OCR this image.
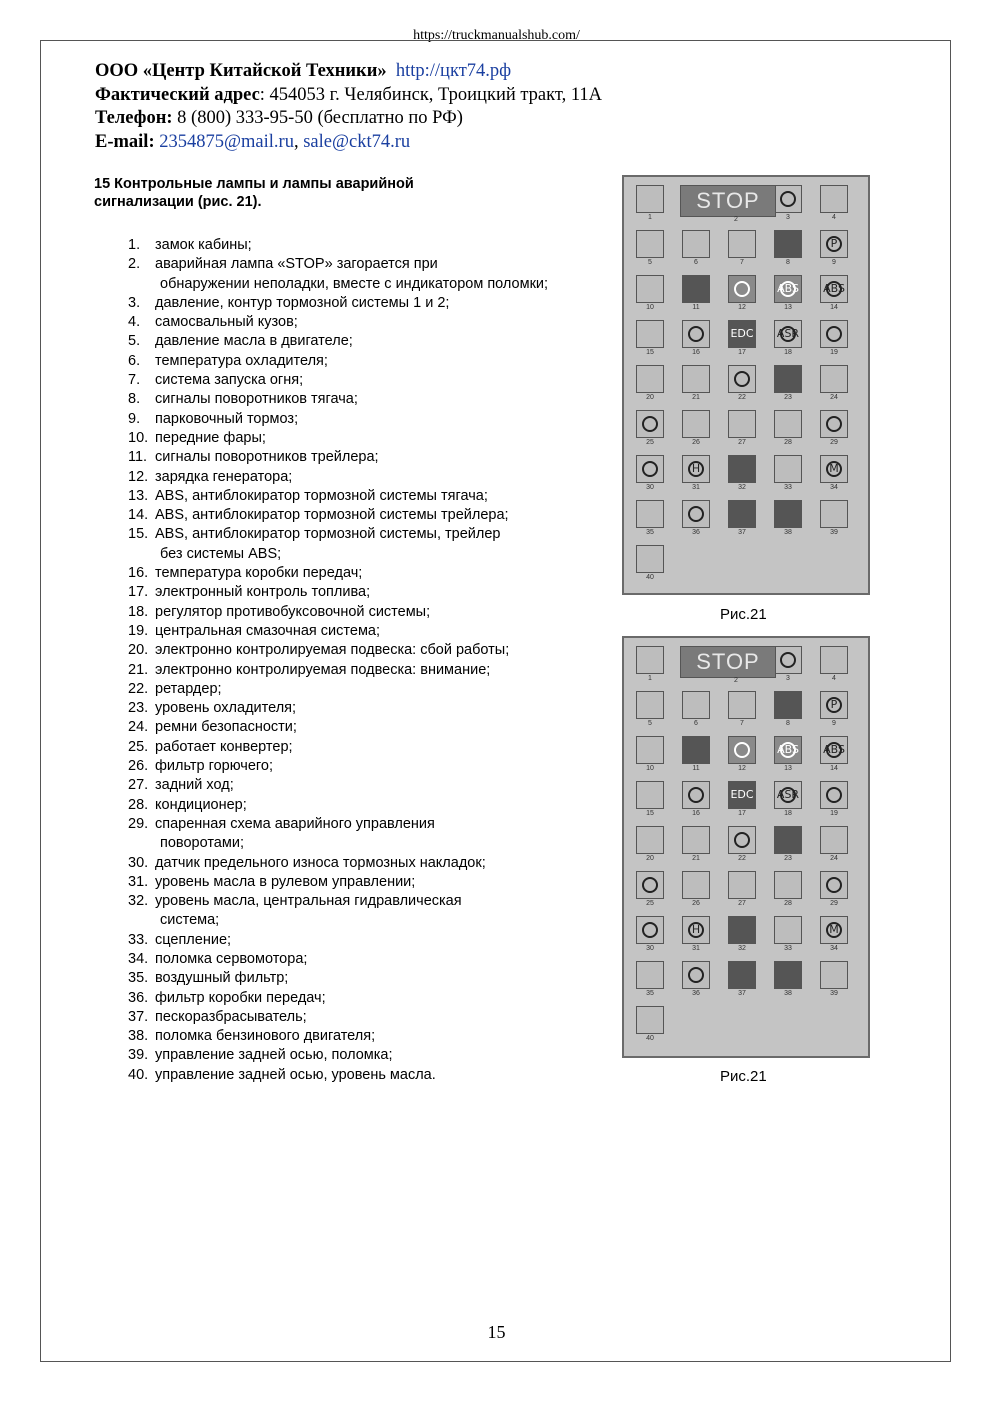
https://truckmanualshub.com/
ООО «Центр Китайской Техники» http://цкт74.рф
Фактический адрес: 454053 г. Челябинск, Троицкий тракт, 11А
Телефон: 8 (800) 333-95-50 (бесплатно по РФ)
E-mail: 2354875@mail.ru, sale@ckt74.ru
15 Контрольные лампы и лампы аварийной сигнализации (рис. 21).
1. замок кабины;
2. аварийная лампа «STOP» загорается при
обнаружении неполадки, вместе с индикатором поломки;
3. давление, контур тормозной системы 1 и 2;
4. самосвальный кузов;
5. давление масла в двигателе;
6. температура охладителя;
7. система запуска огня;
8. сигналы поворотников тягача;
9. парковочный тормоз;
10. передние фары;
11. сигналы поворотников трейлера;
12. зарядка генератора;
13. ABS, антиблокиратор тормозной системы тягача;
14. ABS, антиблокиратор тормозной системы трейлера;
15. ABS, антиблокиратор тормозной системы, трейлер
без системы ABS;
16. температура коробки передач;
17. электронный контроль топлива;
18. регулятор противобуксовочной системы;
19. центральная смазочная система;
20. электронно контролируемая подвеска: сбой работы;
21. электронно контролируемая подвеска: внимание;
22. ретардер;
23. уровень охладителя;
24. ремни безопасности;
25. работает конвертер;
26. фильтр горючего;
27. задний ход;
28. кондиционер;
29. спаренная схема аварийного управления
поворотами;
30. датчик предельного износа тормозных накладок;
31. уровень масла в рулевом управлении;
32. уровень масла, центральная гидравлическая
система;
33. сцепление;
34. поломка сервомотора;
35. воздушный фильтр;
36. фильтр коробки передач;
37. пескоразбрасыватель;
38. поломка бензинового двигателя;
39. управление задней осью, поломка;
40. управление задней осью, уровень масла.
1	3	4
5	6	7	8
P
9
10	11	12
ABS
13
ABS
14
15	16
EDC
17
ASR
18	19
20	21	22	23	24
25	26	27	28	29
30
H
31	32	33
M
34
35	36	37	38	39
40
STOP
2
Рис.21
1	3	4
5	6	7	8
P
9
10	11	12
ABS
13
ABS
14
15	16
EDC
17
ASR
18	19
20	21	22	23	24
25	26	27	28	29
30
H
31	32	33
M
34
35	36	37	38	39
40
STOP
2
Рис.21
15
